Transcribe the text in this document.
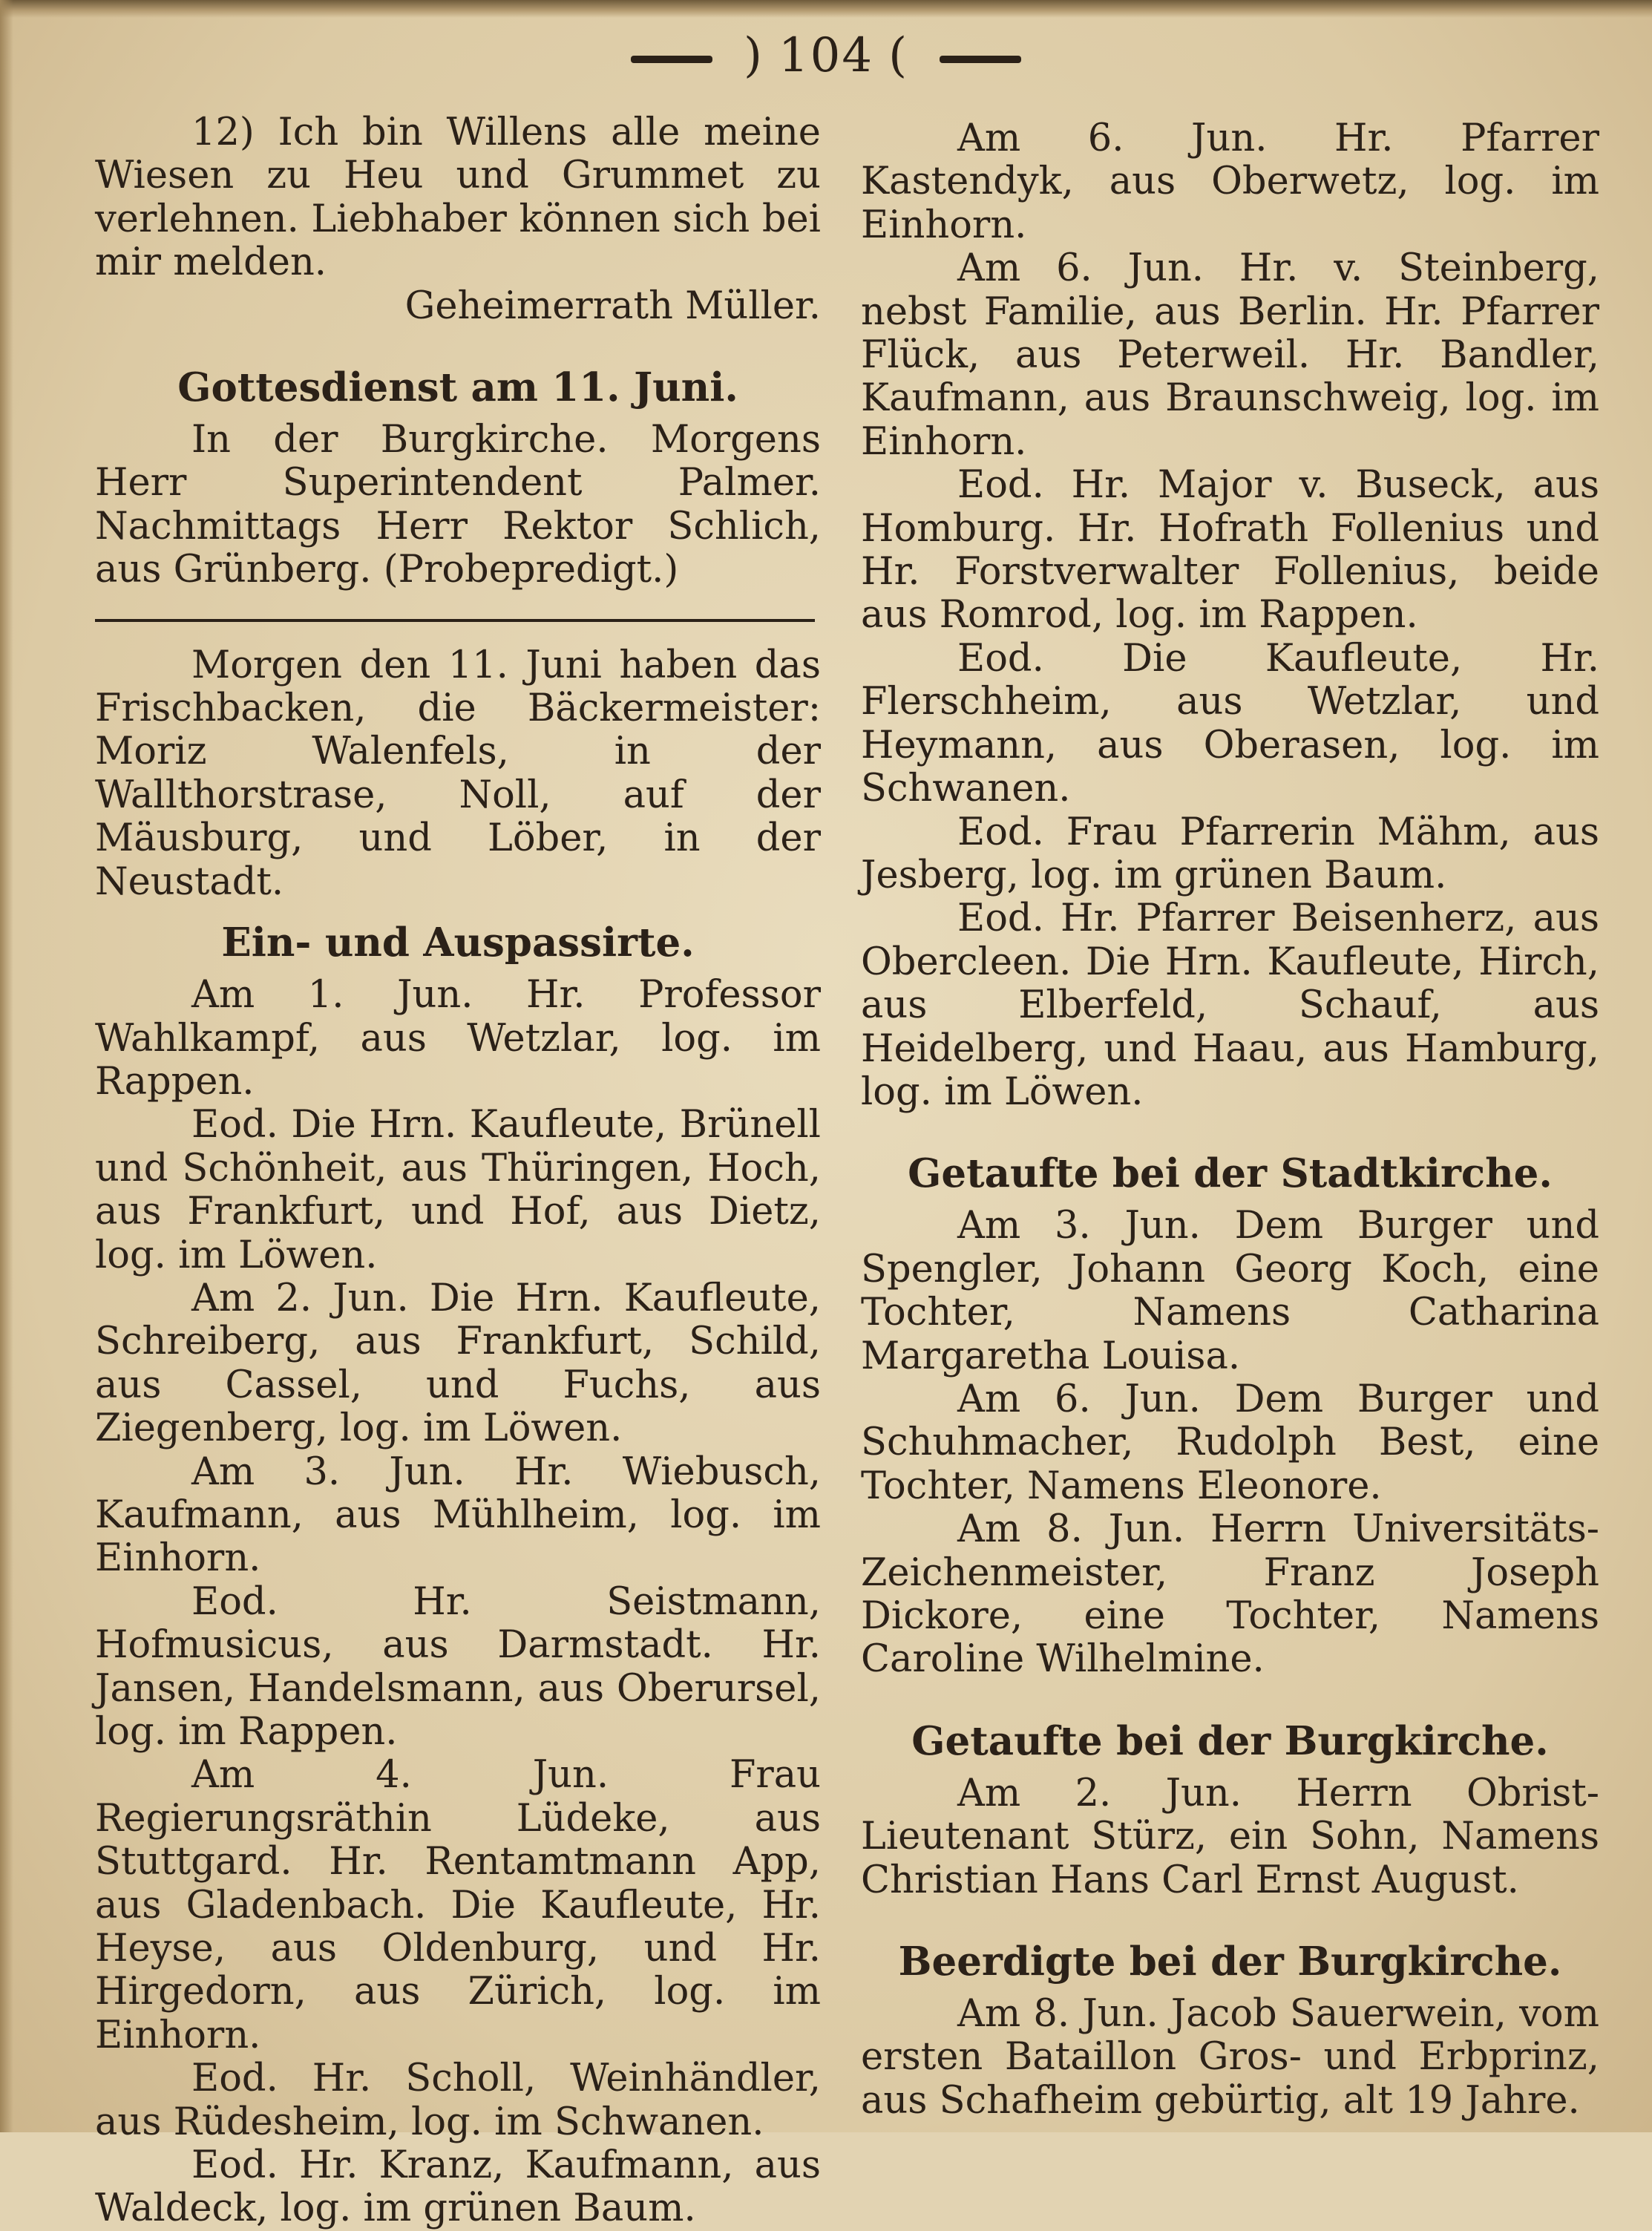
) 104 (

12) Ich bin Willens alle meine Wiesen zu Heu und Grummet zu verlehnen. Liebhaber können sich bei mir melden.
Geheimerrath Müller.

Gottesdienst am 11. Juni.

In der Burgkirche. Morgens Herr Superintendent Palmer. Nachmittags Herr Rektor Schlich, aus Grünberg. (Probepredigt.)

Morgen den 11. Juni haben das Frischbacken, die Bäckermeister: Moriz Walenfels, in der Wallthorstrase, Noll, auf der Mäusburg, und Löber, in der Neustadt.

Ein- und Auspassirte.

Am 1. Jun. Hr. Professor Wahlkampf, aus Wetzlar, log. im Rappen.

Eod. Die Hrn. Kaufleute, Brünell und Schönheit, aus Thüringen, Hoch, aus Frankfurt, und Hof, aus Dietz, log. im Löwen.

Am 2. Jun. Die Hrn. Kaufleute, Schreiberg, aus Frankfurt, Schild, aus Cassel, und Fuchs, aus Ziegenberg, log. im Löwen.

Am 3. Jun. Hr. Wiebusch, Kaufmann, aus Mühlheim, log. im Einhorn.

Eod. Hr. Seistmann, Hofmusicus, aus Darmstadt. Hr. Jansen, Handelsmann, aus Oberursel, log. im Rappen.

Am 4. Jun. Frau Regierungsräthin Lüdeke, aus Stuttgard. Hr. Rentamtmann App, aus Gladenbach. Die Kaufleute, Hr. Heyse, aus Oldenburg, und Hr. Hirgedorn, aus Zürich, log. im Einhorn.

Eod. Hr. Scholl, Weinhändler, aus Rüdesheim, log. im Schwanen.

Eod. Hr. Kranz, Kaufmann, aus Waldeck, log. im grünen Baum.

Am 6. Jun. Hr. Pfarrer Kastendyk, aus Oberwetz, log. im Einhorn.

Am 6. Jun. Hr. v. Steinberg, nebst Familie, aus Berlin. Hr. Pfarrer Flück, aus Peterweil. Hr. Bandler, Kaufmann, aus Braunschweig, log. im Einhorn.

Eod. Hr. Major v. Buseck, aus Homburg. Hr. Hofrath Follenius und Hr. Forstverwalter Follenius, beide aus Romrod, log. im Rappen.

Eod. Die Kaufleute, Hr. Flerschheim, aus Wetzlar, und Heymann, aus Oberasen, log. im Schwanen.

Eod. Frau Pfarrerin Mähm, aus Jesberg, log. im grünen Baum.

Eod. Hr. Pfarrer Beisenherz, aus Obercleen. Die Hrn. Kaufleute, Hirch, aus Elberfeld, Schauf, aus Heidelberg, und Haau, aus Hamburg, log. im Löwen.

Getaufte bei der Stadtkirche.

Am 3. Jun. Dem Burger und Spengler, Johann Georg Koch, eine Tochter, Namens Catharina Margaretha Louisa.

Am 6. Jun. Dem Burger und Schuhmacher, Rudolph Best, eine Tochter, Namens Eleonore.

Am 8. Jun. Herrn Universitäts-Zeichenmeister, Franz Joseph Dickore, eine Tochter, Namens Caroline Wilhelmine.

Getaufte bei der Burgkirche.

Am 2. Jun. Herrn Obrist-Lieutenant Stürz, ein Sohn, Namens Christian Hans Carl Ernst August.

Beerdigte bei der Burgkirche.

Am 8. Jun. Jacob Sauerwein, vom ersten Bataillon Gros- und Erbprinz, aus Schafheim gebürtig, alt 19 Jahre.
